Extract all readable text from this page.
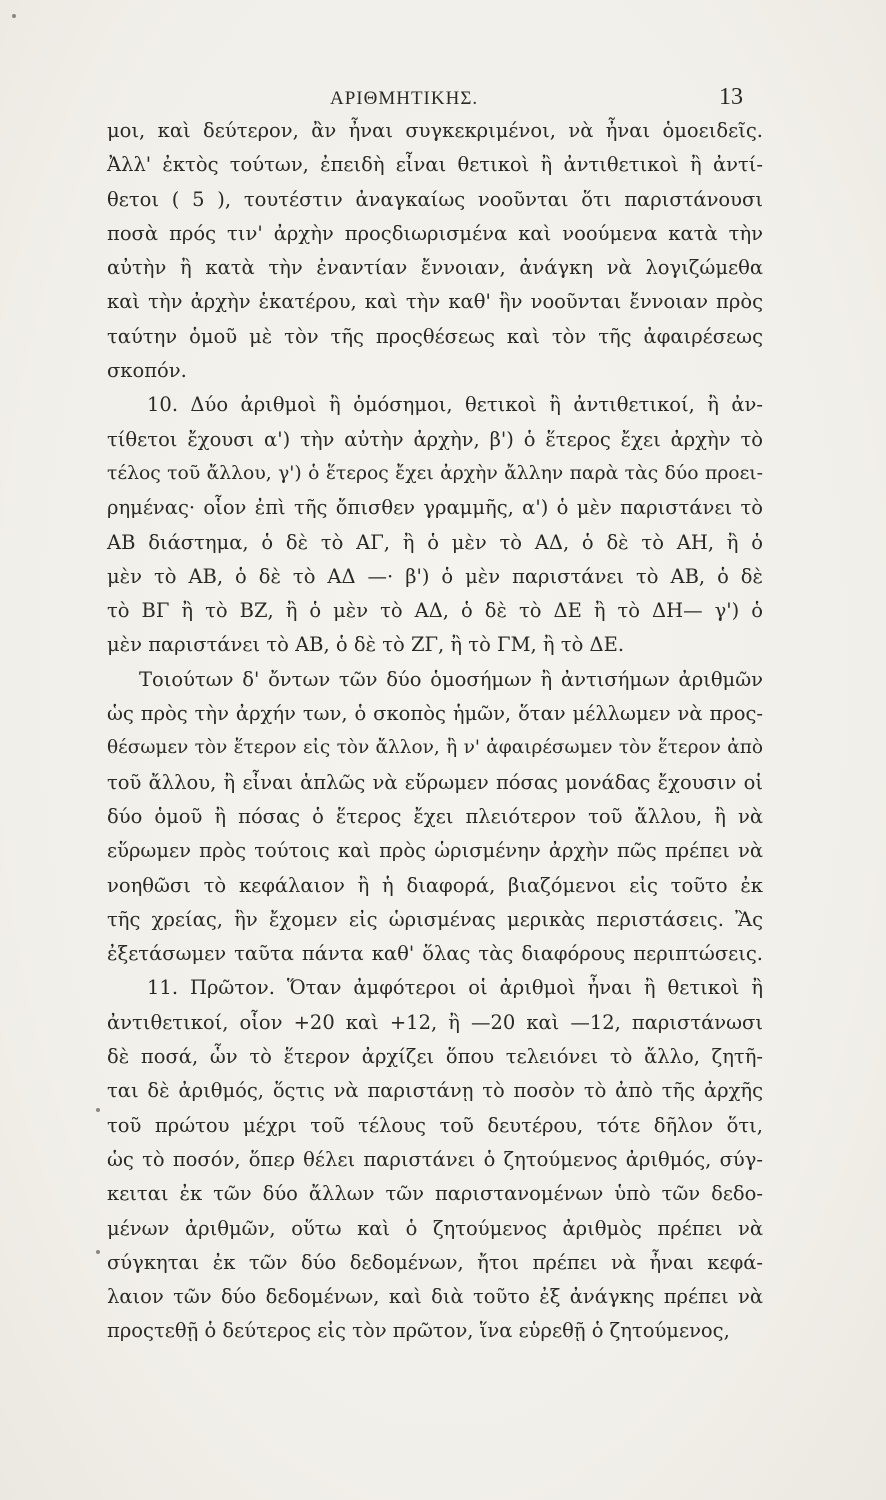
ΑΡΙΘΜΗΤΙΚΗΣ.	13
μοι, καὶ δεύτερον, ἂν ἦναι συγκεκριμένοι, νὰ ἦναι ὁμοειδεῖς.
Ἀλλ' ἐκτὸς τούτων, ἐπειδὴ εἶναι θετικοὶ ἢ ἀντιθετικοὶ ἢ ἀντί-
θετοι ( 5 ), τουτέστιν ἀναγκαίως νοοῦνται ὅτι παριστάνουσι
ποσὰ πρός τιν' ἀρχὴν προςδιωρισμένα καὶ νοούμενα κατὰ τὴν
αὐτὴν ἢ κατὰ τὴν ἐναντίαν ἔννοιαν, ἀνάγκη νὰ λογιζώμεθα
καὶ τὴν ἀρχὴν ἑκατέρου, καὶ τὴν καθ' ἣν νοοῦνται ἔννοιαν πρὸς
ταύτην ὁμοῦ μὲ τὸν τῆς προςθέσεως καὶ τὸν τῆς ἀφαιρέσεως
σκοπόν.
10. Δύο ἀριθμοὶ ἢ ὁμόσημοι, θετικοὶ ἢ ἀντιθετικοί, ἢ ἀν-
τίθετοι ἔχουσι α') τὴν αὐτὴν ἀρχὴν, β') ὁ ἕτερος ἔχει ἀρχὴν τὸ
τέλος τοῦ ἄλλου, γ') ὁ ἕτερος ἔχει ἀρχὴν ἄλλην παρὰ τὰς δύο προει-
ρημένας· οἷον ἐπὶ τῆς ὄπισθεν γραμμῆς, α') ὁ μὲν παριστάνει τὸ
ΑΒ διάστημα, ὁ δὲ τὸ ΑΓ, ἢ ὁ μὲν τὸ ΑΔ, ὁ δὲ τὸ ΑΗ, ἢ ὁ
μὲν τὸ ΑΒ, ὁ δὲ τὸ ΑΔ —· β') ὁ μὲν παριστάνει τὸ ΑΒ, ὁ δὲ
τὸ ΒΓ ἢ τὸ ΒΖ, ἢ ὁ μὲν τὸ ΑΔ, ὁ δὲ τὸ ΔΕ ἢ τὸ ΔΗ— γ') ὁ
μὲν παριστάνει τὸ ΑΒ, ὁ δὲ τὸ ΖΓ, ἢ τὸ ΓΜ, ἢ τὸ ΔΕ.
Τοιούτων δ' ὄντων τῶν δύο ὁμοσήμων ἢ ἀντισήμων ἀριθμῶν
ὡς πρὸς τὴν ἀρχήν των, ὁ σκοπὸς ἡμῶν, ὅταν μέλλωμεν νὰ προς-
θέσωμεν τὸν ἕτερον εἰς τὸν ἄλλον, ἢ ν' ἀφαιρέσωμεν τὸν ἕτερον ἀπὸ
τοῦ ἄλλου, ἢ εἶναι ἁπλῶς νὰ εὕρωμεν πόσας μονάδας ἔχουσιν οἱ
δύο ὁμοῦ ἢ πόσας ὁ ἕτερος ἔχει πλειότερον τοῦ ἄλλου, ἢ νὰ
εὕρωμεν πρὸς τούτοις καὶ πρὸς ὡρισμένην ἀρχὴν πῶς πρέπει νὰ
νοηθῶσι τὸ κεφάλαιον ἢ ἡ διαφορά, βιαζόμενοι εἰς τοῦτο ἐκ
τῆς χρείας, ἣν ἔχομεν εἰς ὡρισμένας μερικὰς περιστάσεις. Ἂς
ἐξετάσωμεν ταῦτα πάντα καθ' ὅλας τὰς διαφόρους περιπτώσεις.
11. Πρῶτον. Ὅταν ἀμφότεροι οἱ ἀριθμοὶ ἦναι ἢ θετικοὶ ἢ
ἀντιθετικοί, οἷον +20 καὶ +12, ἢ —20 καὶ —12, παριστάνωσι
δὲ ποσά, ὧν τὸ ἕτερον ἀρχίζει ὅπου τελειόνει τὸ ἄλλο, ζητῆ-
ται δὲ ἀριθμός, ὅςτις νὰ παριστάνῃ τὸ ποσὸν τὸ ἀπὸ τῆς ἀρχῆς
τοῦ πρώτου μέχρι τοῦ τέλους τοῦ δευτέρου, τότε δῆλον ὅτι,
ὡς τὸ ποσόν, ὅπερ θέλει παριστάνει ὁ ζητούμενος ἀριθμός, σύγ-
κειται ἐκ τῶν δύο ἄλλων τῶν παριστανομένων ὑπὸ τῶν δεδο-
μένων ἀριθμῶν, οὕτω καὶ ὁ ζητούμενος ἀριθμὸς πρέπει νὰ
σύγκηται ἐκ τῶν δύο δεδομένων, ἤτοι πρέπει νὰ ἦναι κεφά-
λαιον τῶν δύο δεδομένων, καὶ διὰ τοῦτο ἐξ ἀνάγκης πρέπει νὰ
προςτεθῇ ὁ δεύτερος εἰς τὸν πρῶτον, ἵνα εὑρεθῇ ὁ ζητούμενος,
